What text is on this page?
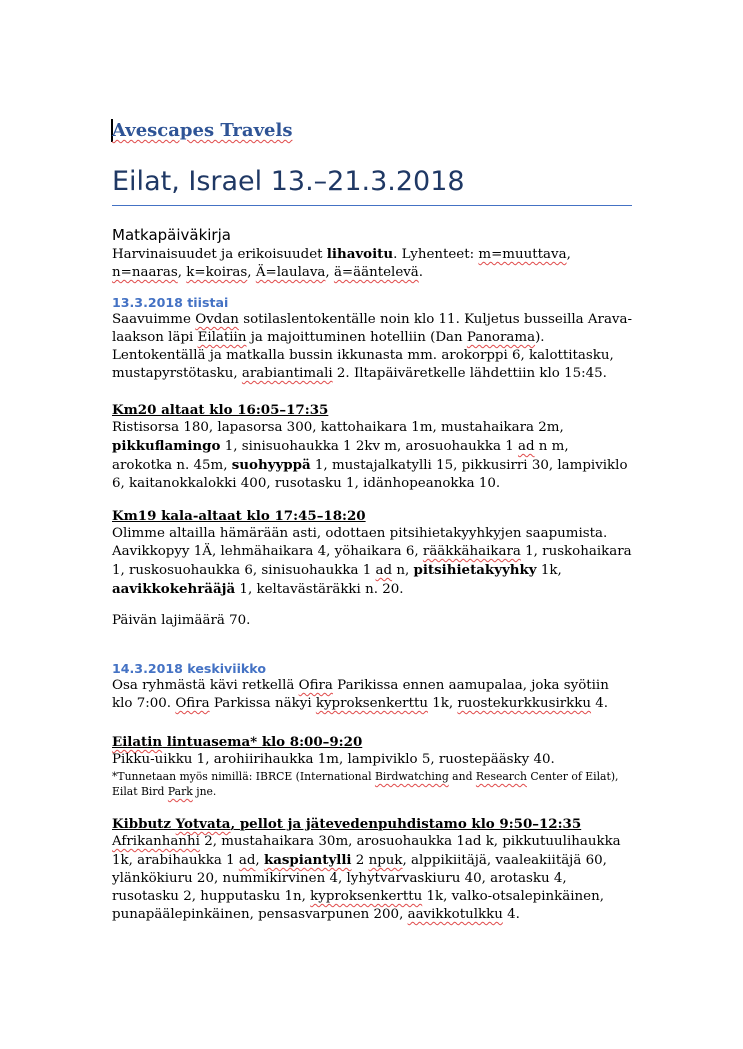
Avescapes Travels
Eilat, Israel 13.–21.3.2018

Matkapäiväkirja

Harvinaisuudet ja erikoisuudet lihavoitu. Lyhenteet: m=muuttava, n=naaras, k=koiras, Ä=laulava, ä=ääntelevä.

13.3.2018 tiistai

Saavuimme Ovdan sotilaslentokentälle noin klo 11. Kuljetus busseilla Arava-laakson läpi Eilatiin ja majoittuminen hotelliin (Dan Panorama). Lentokentällä ja matkalla bussin ikkunasta mm. arokorppi 6, kalottitasku, mustapyrstötasku, arabiantimali 2. Iltapäiväretkelle lähdettiin klo 15:45.

Km20 altaat klo 16:05–17:35

Ristisorsa 180, lapasorsa 300, kattohaikara 1m, mustahaikara 2m, pikkuflamingo 1, sinisuohaukka 1 2kv m, arosuohaukka 1 ad n m, arokotka n. 45m, suohyyppä 1, mustajalkatylli 15, pikkusirri 30, lampiviklo 6, kaitanokkalokki 400, rusotasku 1, idänhopeanokka 10.

Km19 kala-altaat klo 17:45–18:20

Olimme altailla hämärään asti, odottaen pitsihietakyyhkyjen saapumista. Aavikkopyy 1Ä, lehmähaikara 4, yöhaikara 6, rääkkähaikara 1, ruskohaikara 1, ruskosuohaukka 6, sinisuohaukka 1 ad n, pitsihietakyyhky 1k, aavikkokehrääjä 1, keltavästäräkki n. 20.

Päivän lajimäärä 70.

14.3.2018 keskiviikko

Osa ryhmästä kävi retkellä Ofira Parikissa ennen aamupalaa, joka syötiin klo 7:00. Ofira Parkissa näkyi kyproksenkerttu 1k, ruostekurkkusirkku 4.

Eilatin lintuasema* klo 8:00–9:20

Pikku-uikku 1, arohiirihaukka 1m, lampiviklo 5, ruostepääsky 40.

*Tunnetaan myös nimillä: IBRCE (International Birdwatching and Research Center of Eilat), Eilat Bird Park jne.

Kibbutz Yotvata, pellot ja jätevedenpuhdistamo klo 9:50–12:35

Afrikanhanhi 2, mustahaikara 30m, arosuohaukka 1ad k, pikkutuulihaukka 1k, arabihaukka 1 ad, kaspiantylli 2 npuk, alppikiitäjä, vaaleakiitäjä 60, ylänkökiuru 20, nummikirvinen 4, lyhytvarvaskiuru 40, arotasku 4, rusotasku 2, hupputasku 1n, kyproksenkerttu 1k, valko-otsalepinkäinen, punapäälepinkäinen, pensasvarpunen 200, aavikkotulkku 4.
